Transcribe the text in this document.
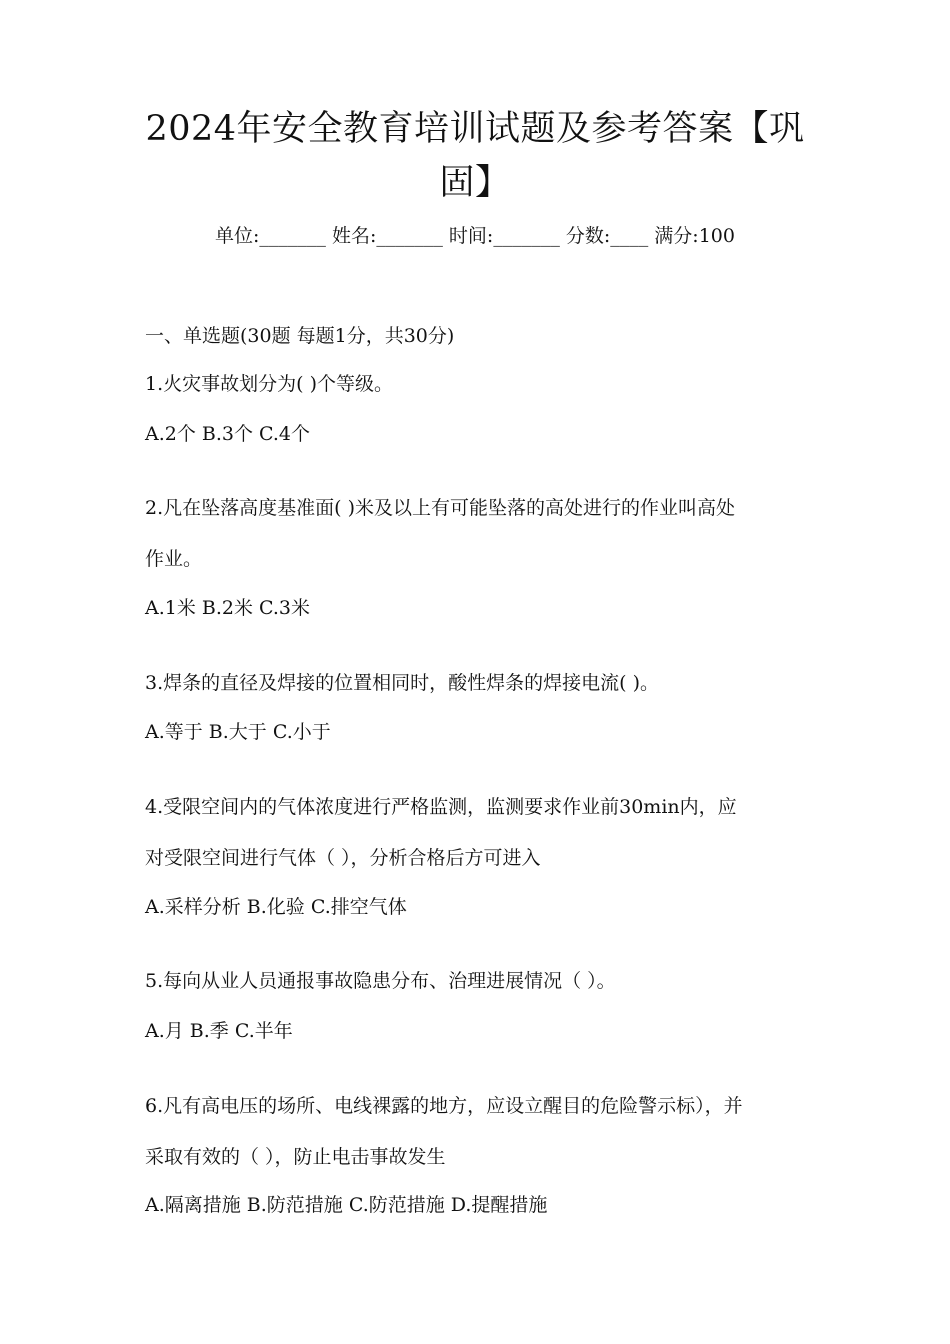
2024年安全教育培训试题及参考答案【巩
固】
单位:_______ 姓名:_______ 时间:_______ 分数:____ 满分:100
一、单选题(30题 每题1分，共30分)
1.火灾事故划分为( )个等级。
A.2个 B.3个 C.4个
2.凡在坠落高度基准面( )米及以上有可能坠落的高处进行的作业叫高处
作业。
A.1米 B.2米 C.3米
3.焊条的直径及焊接的位置相同时，酸性焊条的焊接电流( )。
A.等于 B.大于 C.小于
4.受限空间内的气体浓度进行严格监测，监测要求作业前30min内，应
对受限空间进行气体（ ），分析合格后方可进入
A.采样分析 B.化验 C.排空气体
5.每向从业人员通报事故隐患分布、治理进展情况（ ）。
A.月 B.季 C.半年
6.凡有高电压的场所、电线裸露的地方，应设立醒目的危险警示标），并
采取有效的（ ），防止电击事故发生
A.隔离措施 B.防范措施 C.防范措施 D.提醒措施
